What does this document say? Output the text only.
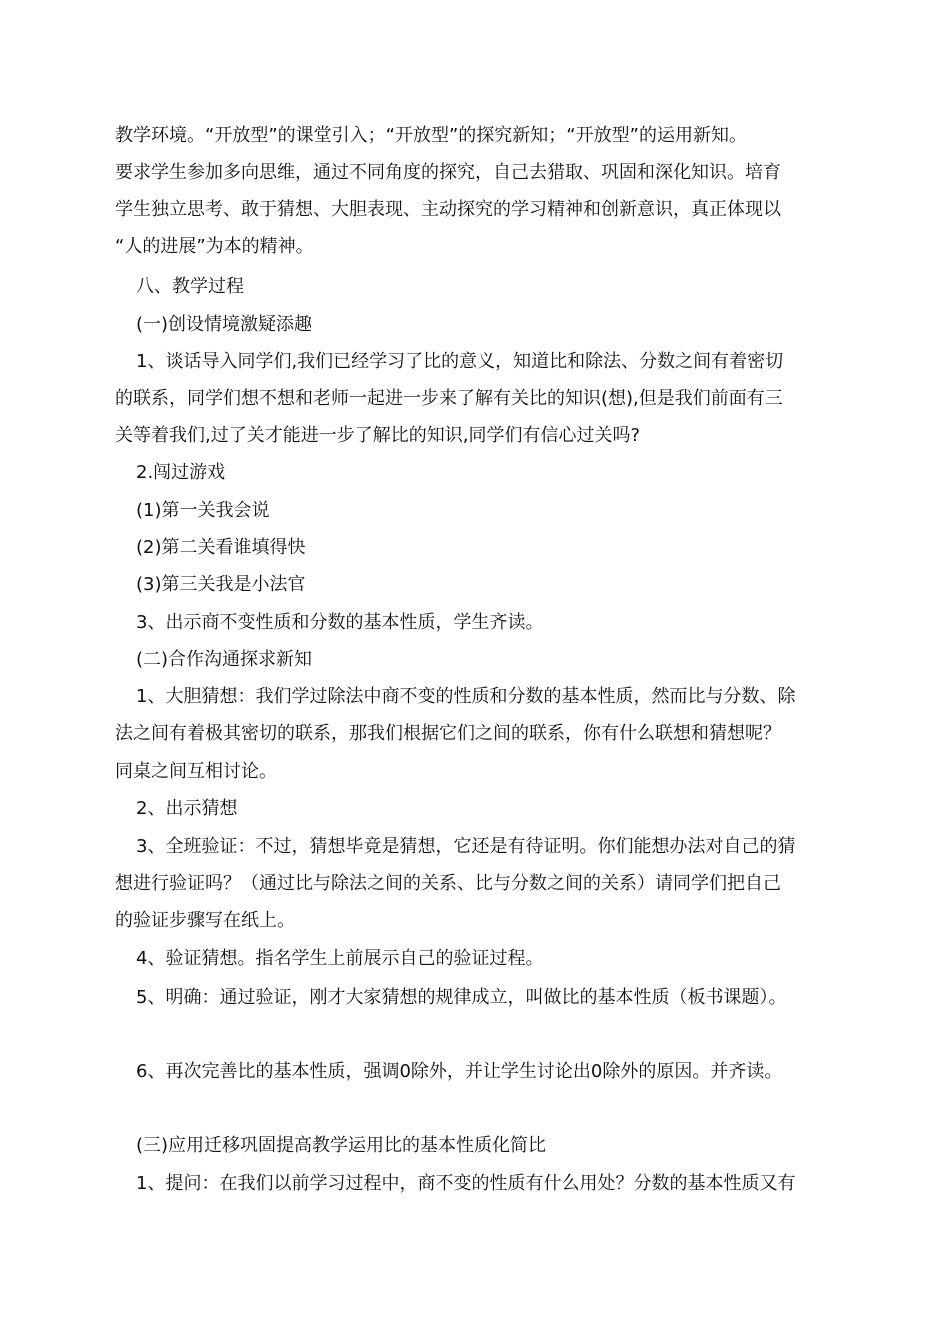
教学环境。“开放型”的课堂引入；“开放型”的探究新知；“开放型”的运用新知。
要求学生参加多向思维，通过不同角度的探究，自己去猎取、巩固和深化知识。培育
学生独立思考、敢于猜想、大胆表现、主动探究的学习精神和创新意识，真正体现以
“人的进展”为本的精神。
八、教学过程
(一)创设情境激疑添趣
1、谈话导入同学们,我们已经学习了比的意义，知道比和除法、分数之间有着密切
的联系，同学们想不想和老师一起进一步来了解有关比的知识(想),但是我们前面有三
关等着我们,过了关才能进一步了解比的知识,同学们有信心过关吗?
2.闯过游戏
(1)第一关我会说
(2)第二关看谁填得快
(3)第三关我是小法官
3、出示商不变性质和分数的基本性质，学生齐读。
(二)合作沟通探求新知
1、大胆猜想：我们学过除法中商不变的性质和分数的基本性质，然而比与分数、除
法之间有着极其密切的联系，那我们根据它们之间的联系，你有什么联想和猜想呢？
同桌之间互相讨论。
2、出示猜想
3、全班验证：不过，猜想毕竟是猜想，它还是有待证明。你们能想办法对自己的猜
想进行验证吗？（通过比与除法之间的关系、比与分数之间的关系）请同学们把自己
的验证步骤写在纸上。
4、验证猜想。指名学生上前展示自己的验证过程。
5、明确：通过验证，刚才大家猜想的规律成立，叫做比的基本性质（板书课题）。
6、再次完善比的基本性质，强调0除外，并让学生讨论出0除外的原因。并齐读。
(三)应用迁移巩固提高教学运用比的基本性质化简比
1、提问：在我们以前学习过程中，商不变的性质有什么用处？分数的基本性质又有
